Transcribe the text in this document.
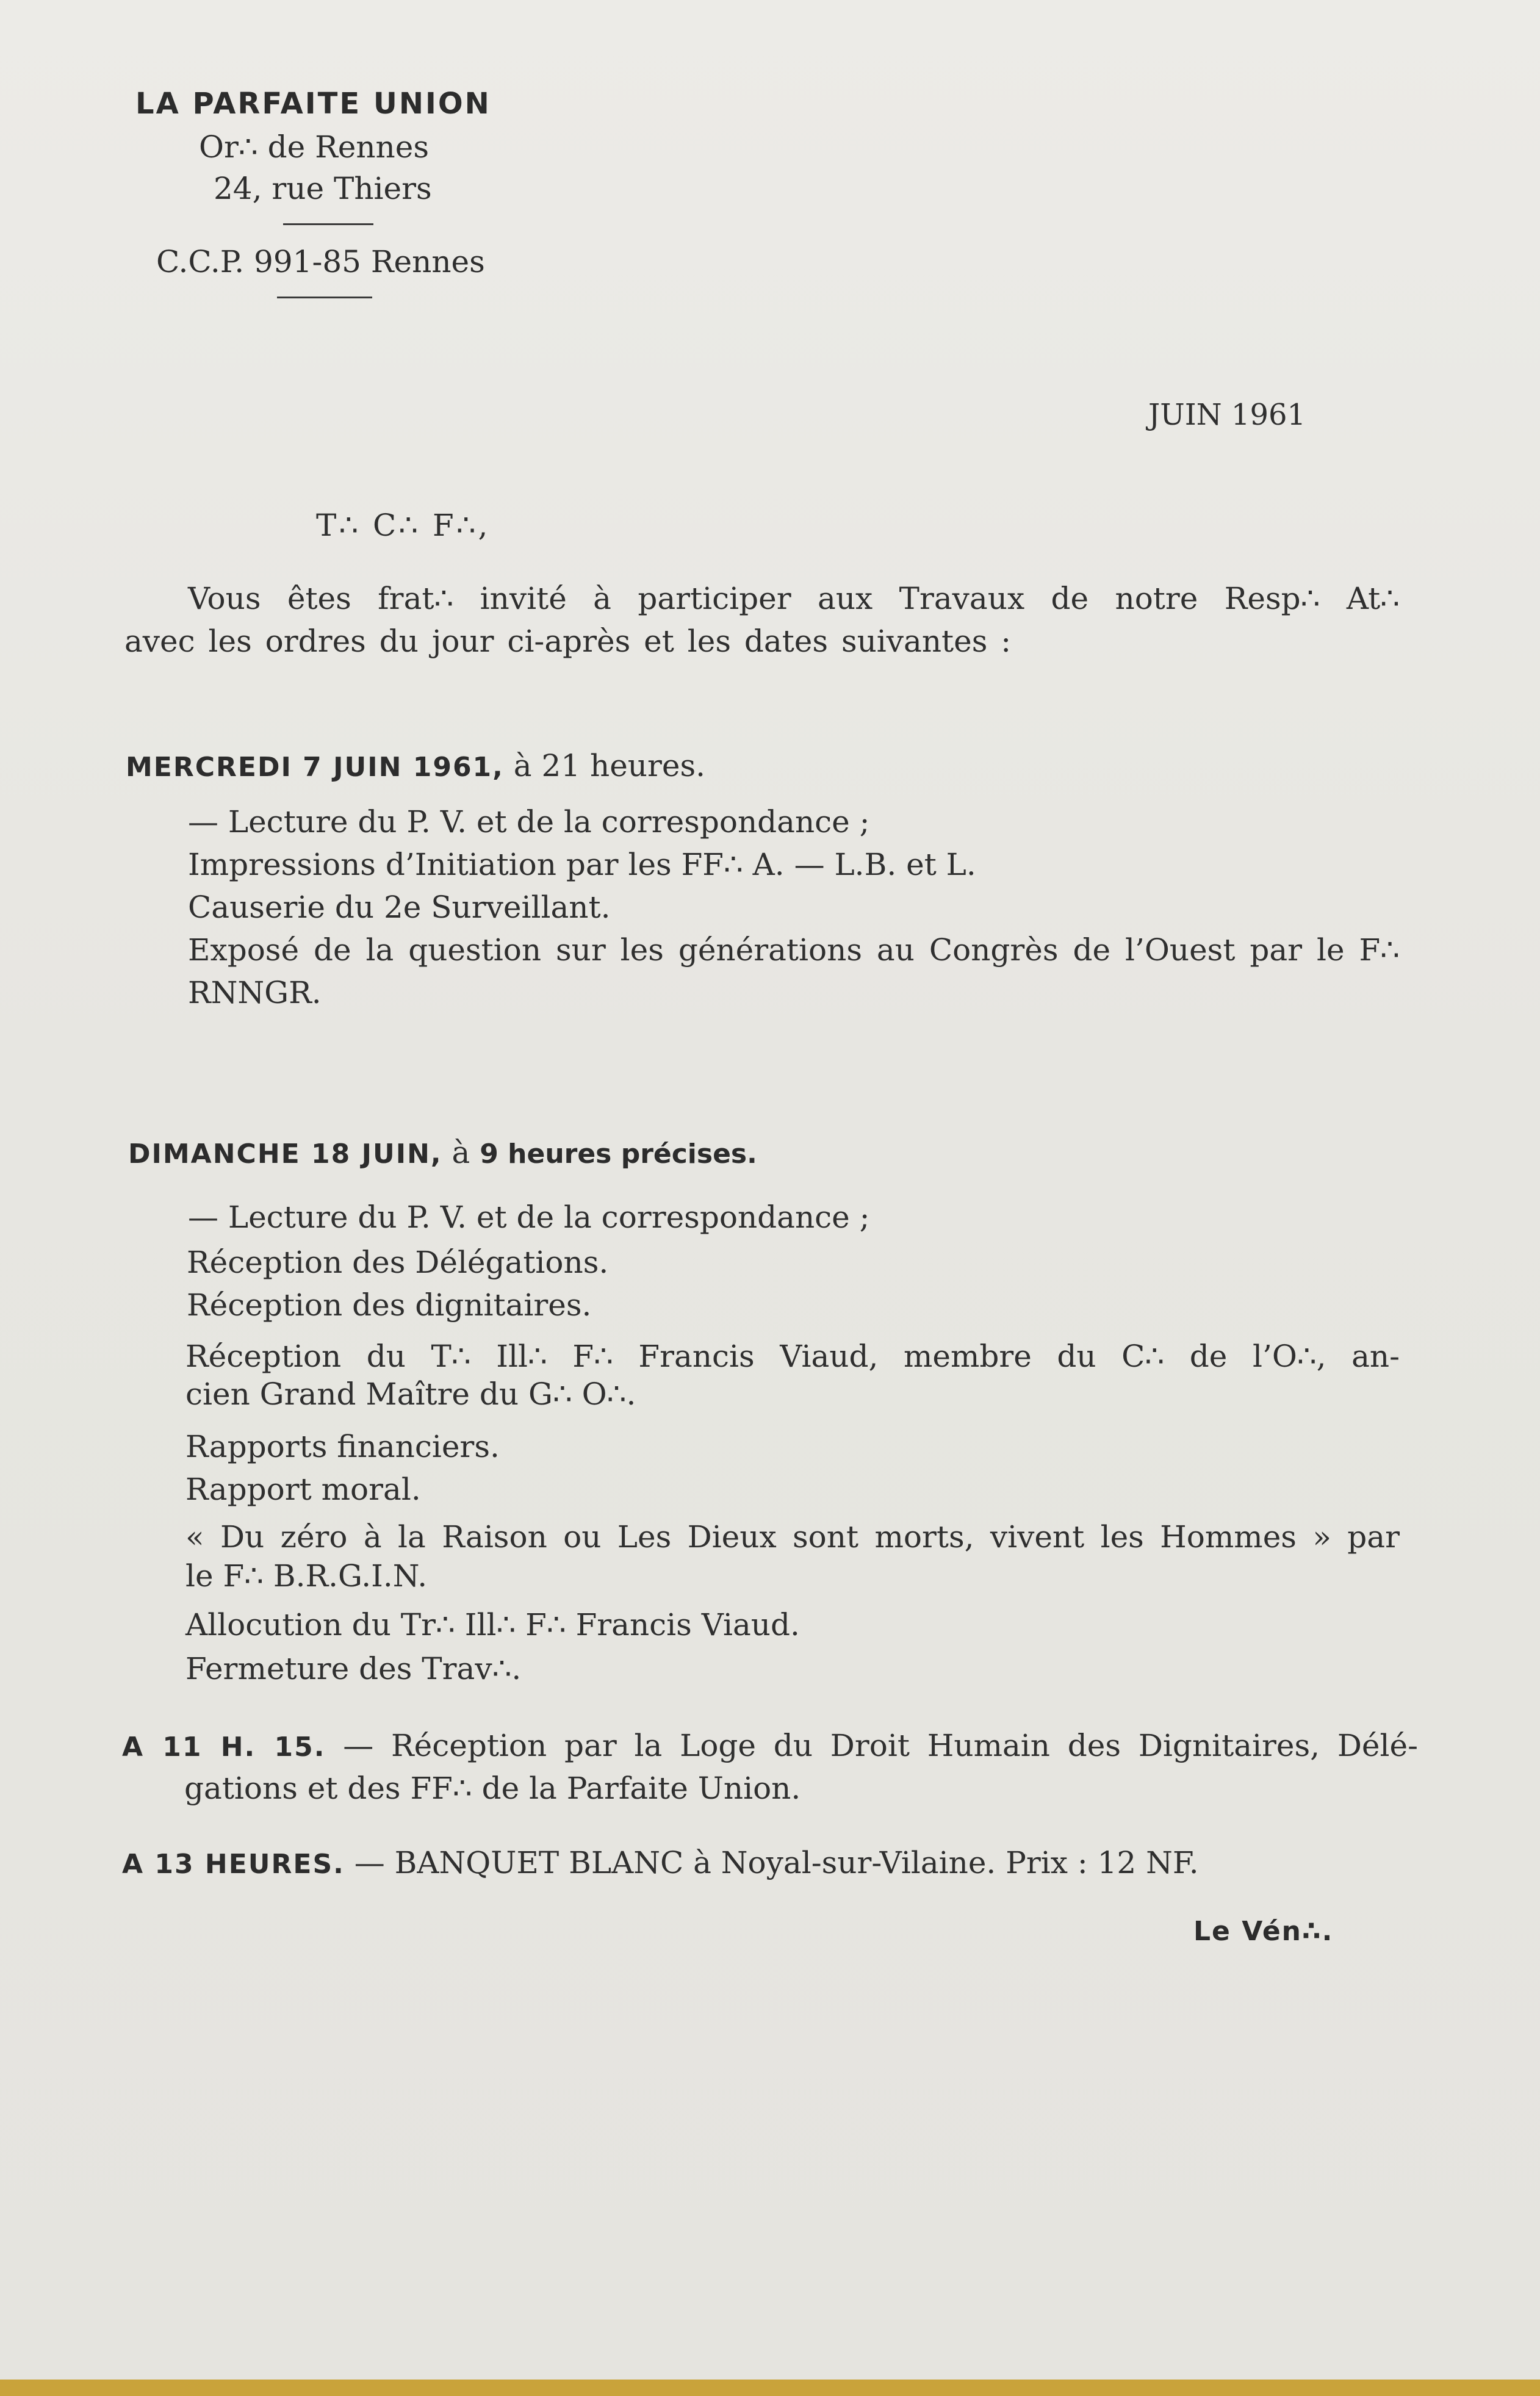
LA PARFAITE UNION
Or∴ de Rennes
24, rue Thiers
C.C.P. 991-85 Rennes
JUIN 1961
T∴ C∴ F∴,
Vous êtes frat∴ invité à participer aux Travaux de notre Resp∴ At∴
avec les ordres du jour ci-après et les dates suivantes :
MERCREDI 7 JUIN 1961, à 21 heures.
— Lecture du P. V. et de la correspondance ;
Impressions d’Initiation par les FF∴ A. — L.B. et L.
Causerie du 2e Surveillant.
Exposé de la question sur les générations au Congrès de l’Ouest par le F∴
RNNGR.
DIMANCHE 18 JUIN, à 9 heures précises.
— Lecture du P. V. et de la correspondance ;
Réception des Délégations.
Réception des dignitaires.
Réception du T∴ Ill∴ F∴ Francis Viaud, membre du C∴ de l’O∴, an-
cien Grand Maître du G∴ O∴.
Rapports financiers.
Rapport moral.
« Du zéro à la Raison ou Les Dieux sont morts, vivent les Hommes » par
le F∴ B.R.G.I.N.
Allocution du Tr∴ Ill∴ F∴ Francis Viaud.
Fermeture des Trav∴.
A 11 H. 15. — Réception par la Loge du Droit Humain des Dignitaires, Délé-
gations et des FF∴ de la Parfaite Union.
A 13 HEURES. — BANQUET BLANC à Noyal-sur-Vilaine. Prix : 12 NF.
Le Vén∴.
